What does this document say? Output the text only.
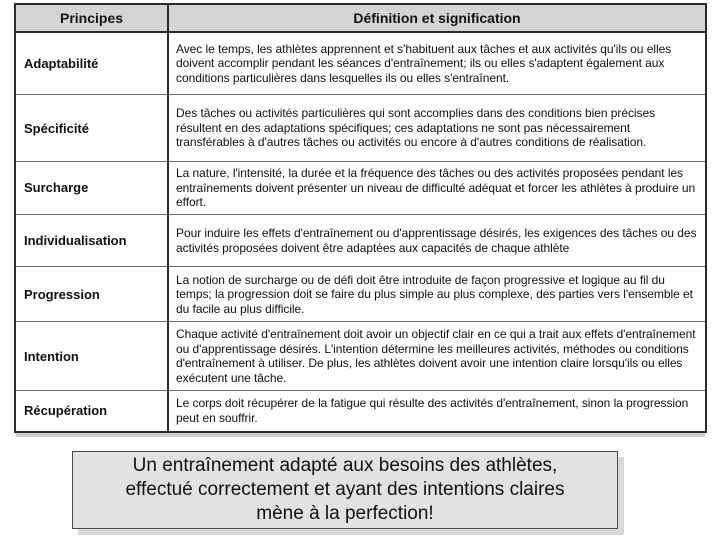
Principes	Définition et signification
Adaptabilité	Avec le temps, les athlètes apprennent et s'habituent aux tâches et aux activités qu'ils ou elles doivent accomplir pendant les séances d'entraînement; ils ou elles s'adaptent également aux conditions particulières dans lesquelles ils ou elles s'entraînent.
Spécificité	Des tâches ou activités particulières qui sont accomplies dans des conditions bien précises résultent en des adaptations spécifiques; ces adaptations ne sont pas nécessairement transférables à d'autres tâches ou activités ou encore à d'autres conditions de réalisation.
Surcharge	La nature, l'intensité, la durée et la fréquence des tâches ou des activités proposées pendant les entraînements doivent présenter un niveau de difficulté adéquat et forcer les athlètes à produire un effort.
Individualisation	Pour induire les effets d'entraînement ou d'apprentissage désirés, les exigences des tâches ou des activités proposées doivent être adaptées aux capacités de chaque athlète
Progression	La notion de surcharge ou de défi doit être introduite de façon progressive et logique au fil du temps; la progression doit se faire du plus simple au plus complexe, des parties vers l'ensemble et du facile au plus difficile.
Intention	Chaque activité d'entraînement doit avoir un objectif clair en ce qui a trait aux effets d'entraînement ou d'apprentissage désirés. L'intention détermine les meilleures activités, méthodes ou conditions d'entraînement à utiliser. De plus, les athlètes doivent avoir une intention claire lorsqu'ils ou elles exécutent une tâche.
Récupération	Le corps doit récupérer de la fatigue qui résulte des activités d'entraînement, sinon la progression peut en souffrir.
Un entraînement adapté aux besoins des athlètes,
effectué correctement et ayant des intentions claires
mène à la perfection!
